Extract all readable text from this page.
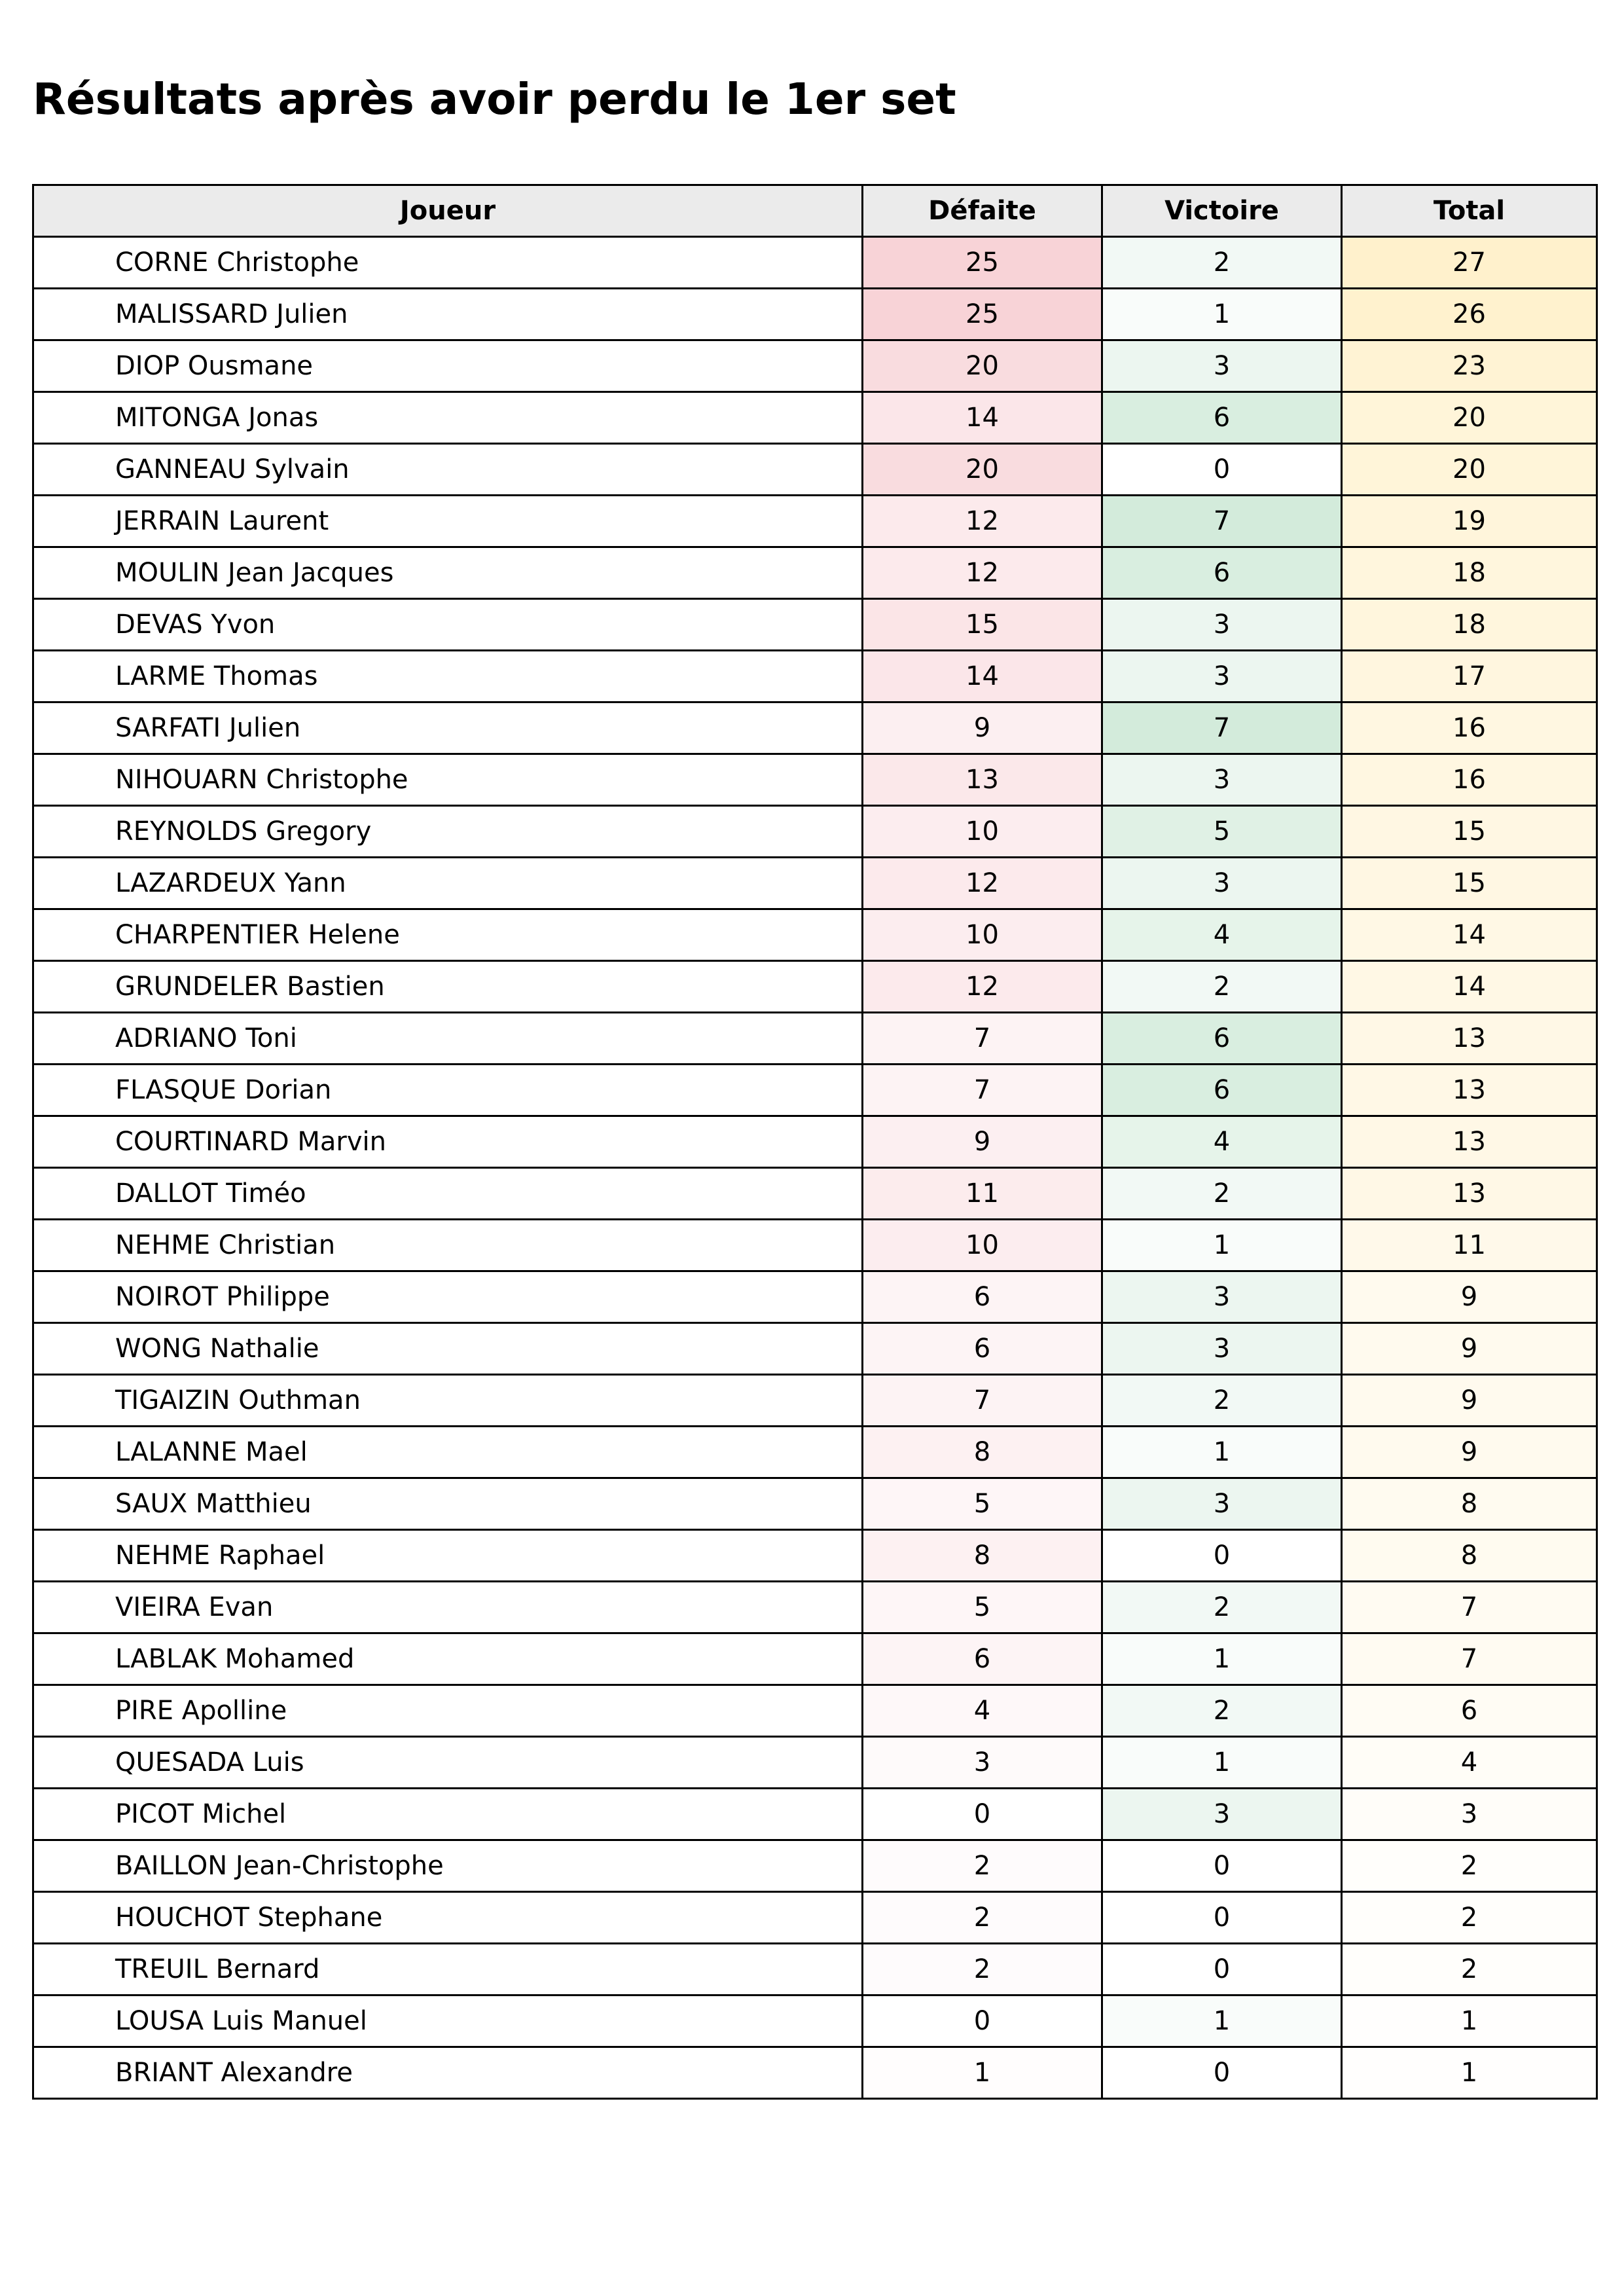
Résultats après avoir perdu le 1er set
Joueur	Défaite	Victoire	Total
CORNE Christophe	25	2	27
MALISSARD Julien	25	1	26
DIOP Ousmane	20	3	23
MITONGA Jonas	14	6	20
GANNEAU Sylvain	20	0	20
JERRAIN Laurent	12	7	19
MOULIN Jean Jacques	12	6	18
DEVAS Yvon	15	3	18
LARME Thomas	14	3	17
SARFATI Julien	9	7	16
NIHOUARN Christophe	13	3	16
REYNOLDS Gregory	10	5	15
LAZARDEUX Yann	12	3	15
CHARPENTIER Helene	10	4	14
GRUNDELER Bastien	12	2	14
ADRIANO Toni	7	6	13
FLASQUE Dorian	7	6	13
COURTINARD Marvin	9	4	13
DALLOT Timéo	11	2	13
NEHME Christian	10	1	11
NOIROT Philippe	6	3	9
WONG Nathalie	6	3	9
TIGAIZIN Outhman	7	2	9
LALANNE Mael	8	1	9
SAUX Matthieu	5	3	8
NEHME Raphael	8	0	8
VIEIRA Evan	5	2	7
LABLAK Mohamed	6	1	7
PIRE Apolline	4	2	6
QUESADA Luis	3	1	4
PICOT Michel	0	3	3
BAILLON Jean-Christophe	2	0	2
HOUCHOT Stephane	2	0	2
TREUIL Bernard	2	0	2
LOUSA Luis Manuel	0	1	1
BRIANT Alexandre	1	0	1
